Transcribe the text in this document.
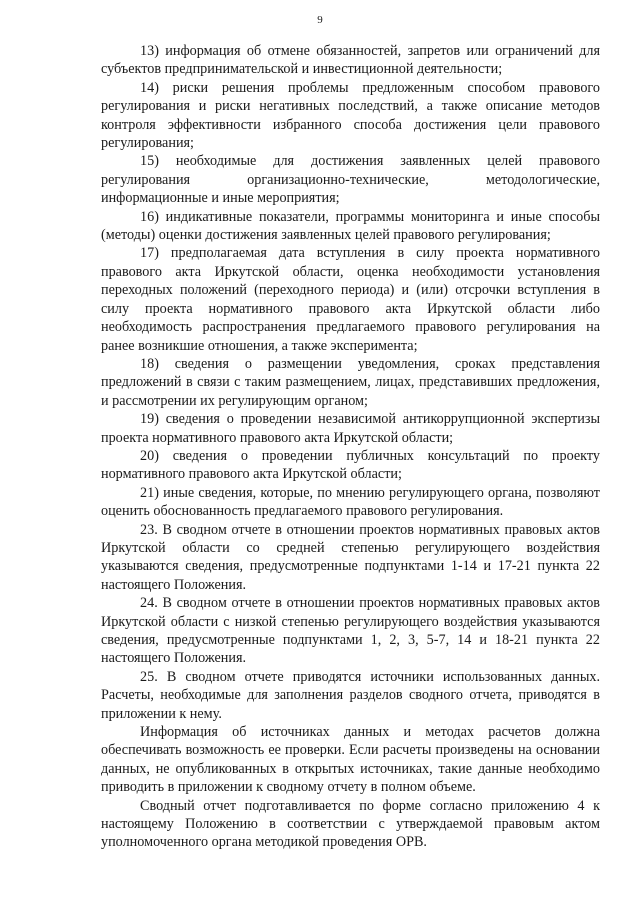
9

13) информация об отмене обязанностей, запретов или ограничений для субъектов предпринимательской и инвестиционной деятельности;

14) риски решения проблемы предложенным способом правового регулирования и риски негативных последствий, а также описание методов контроля эффективности избранного способа достижения цели правового регулирования;

15) необходимые для достижения заявленных целей правового регулирования организационно-технические, методологические, информационные и иные мероприятия;

16) индикативные показатели, программы мониторинга и иные способы (методы) оценки достижения заявленных целей правового регулирования;

17) предполагаемая дата вступления в силу проекта нормативного правового акта Иркутской области, оценка необходимости установления переходных положений (переходного периода) и (или) отсрочки вступления в силу проекта нормативного правового акта Иркутской области либо необходимость распространения предлагаемого правового регулирования на ранее возникшие отношения, а также эксперимента;

18) сведения о размещении уведомления, сроках представления предложений в связи с таким размещением, лицах, представивших предложения, и рассмотрении их регулирующим органом;

19) сведения о проведении независимой антикоррупционной экспертизы проекта нормативного правового акта Иркутской области;

20) сведения о проведении публичных консультаций по проекту нормативного правового акта Иркутской области;

21) иные сведения, которые, по мнению регулирующего органа, позволяют оценить обоснованность предлагаемого правового регулирования.

23. В сводном отчете в отношении проектов нормативных правовых актов Иркутской области со средней степенью регулирующего воздействия указываются сведения, предусмотренные подпунктами 1-14 и 17-21 пункта 22 настоящего Положения.

24. В сводном отчете в отношении проектов нормативных правовых актов Иркутской области с низкой степенью регулирующего воздействия указываются сведения, предусмотренные подпунктами 1, 2, 3, 5-7, 14 и 18-21 пункта 22 настоящего Положения.

25. В сводном отчете приводятся источники использованных данных. Расчеты, необходимые для заполнения разделов сводного отчета, приводятся в приложении к нему.

Информация об источниках данных и методах расчетов должна обеспечивать возможность ее проверки. Если расчеты произведены на основании данных, не опубликованных в открытых источниках, такие данные необходимо приводить в приложении к сводному отчету в полном объеме.

Сводный отчет подготавливается по форме согласно приложению 4 к настоящему Положению в соответствии с утверждаемой правовым актом уполномоченного органа методикой проведения ОРВ.
